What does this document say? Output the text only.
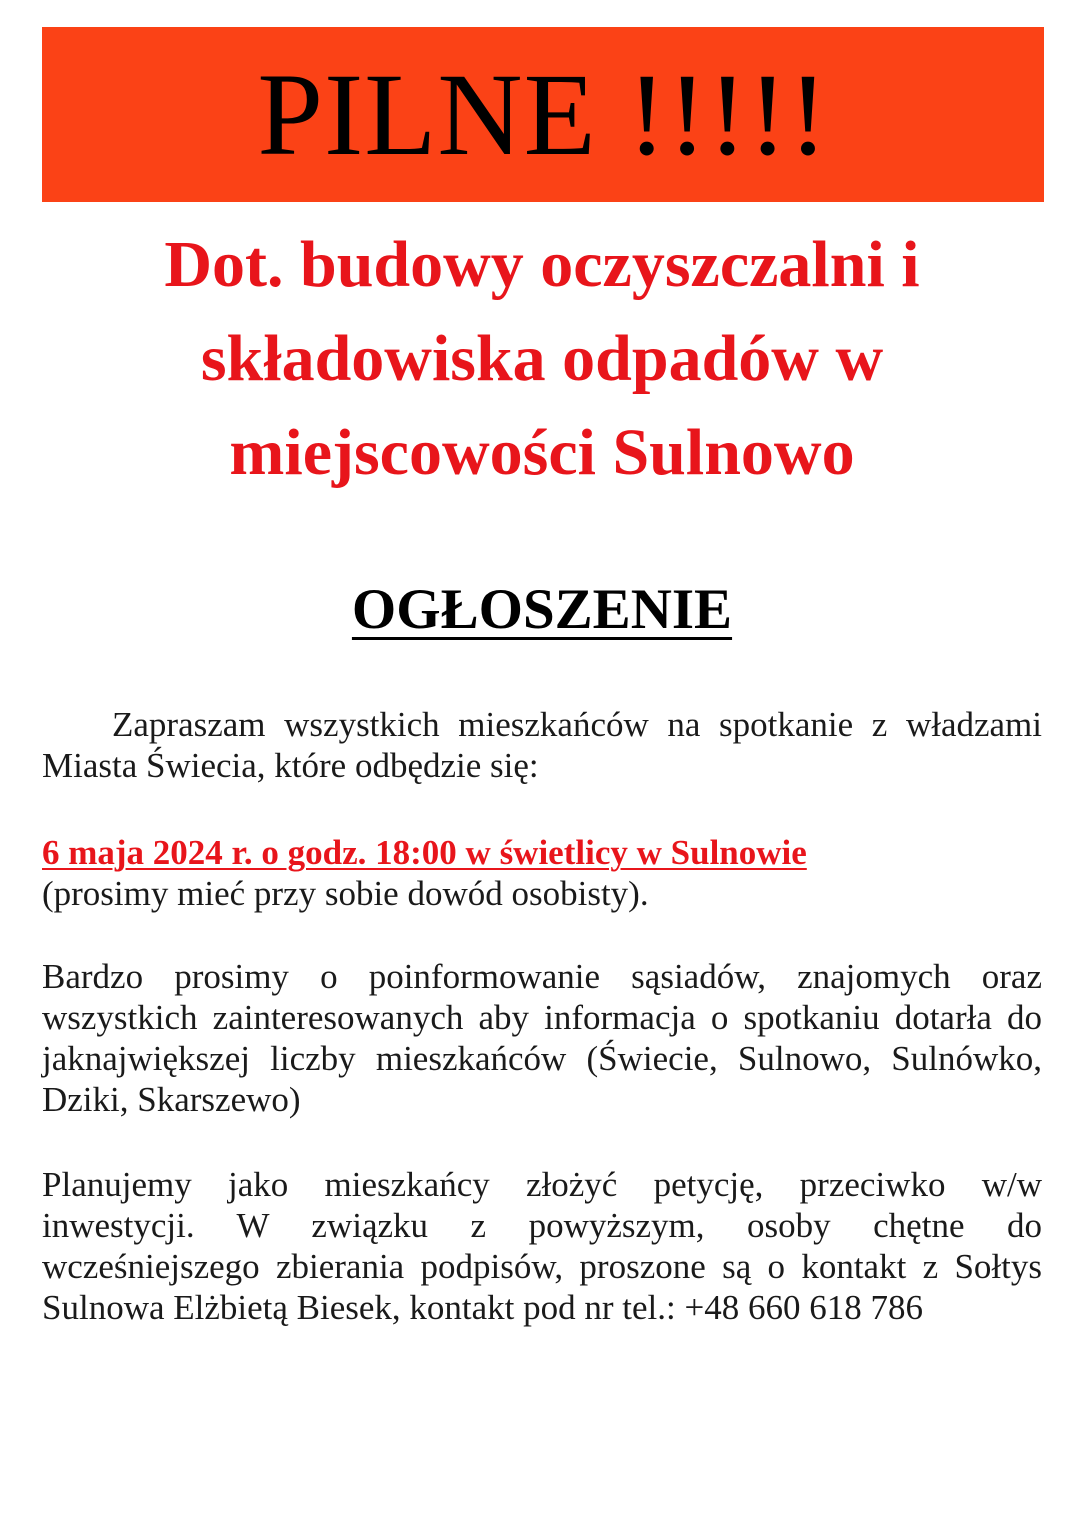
PILNE !!!!!
Dot. budowy oczyszczalni i
składowiska odpadów w
miejscowości Sulnowo
OGŁOSZENIE
Zapraszam wszystkich mieszkańców na spotkanie z władzami
Miasta Świecia, które odbędzie się:
6 maja 2024 r. o godz. 18:00 w świetlicy w Sulnowie
(prosimy mieć przy sobie dowód osobisty).
Bardzo prosimy o poinformowanie sąsiadów, znajomych oraz
wszystkich zainteresowanych aby informacja o spotkaniu dotarła do
jaknajwiększej liczby mieszkańców (Świecie, Sulnowo, Sulnówko,
Dziki, Skarszewo)
Planujemy jako mieszkańcy złożyć petycję, przeciwko w/w
inwestycji. W związku z powyższym, osoby chętne do
wcześniejszego zbierania podpisów, proszone są o kontakt z Sołtys
Sulnowa Elżbietą Biesek, kontakt pod nr tel.: +48 660 618 786
